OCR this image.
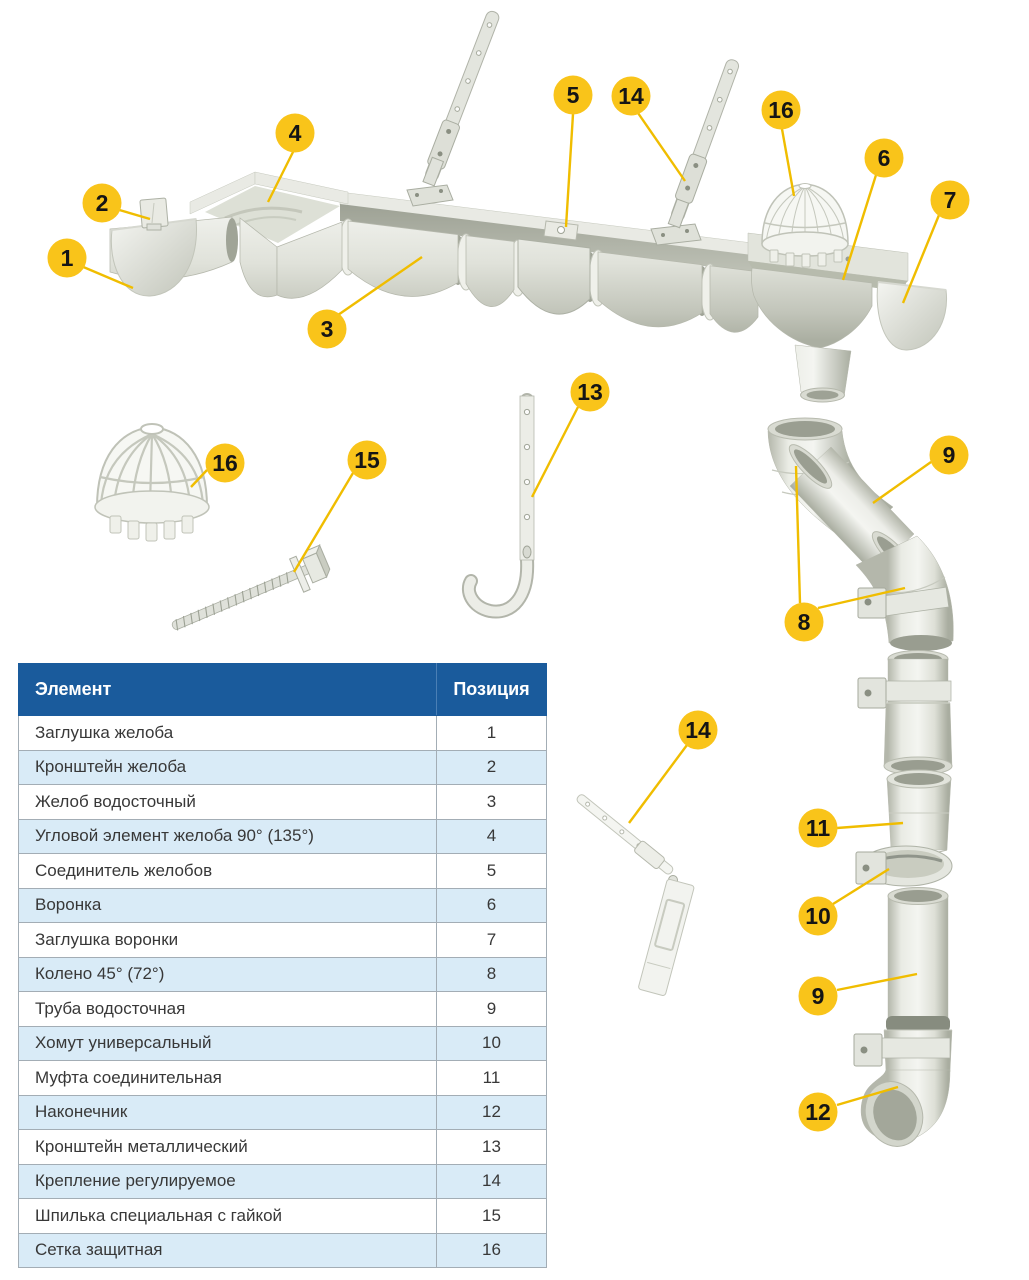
4
2
1
3
5 14
16
6
7
13
16	15	9
8
14
11
10
9
12
Элемент	Позиция
Заглушка желоба	1
Кронштейн желоба	2
Желоб водосточный	3
Угловой элемент желоба 90° (135°)	4
Соединитель желобов	5
Воронка	6
Заглушка воронки	7
Колено 45° (72°)	8
Труба водосточная	9
Хомут универсальный	10
Муфта соединительная	11
Наконечник	12
Кронштейн металлический	13
Крепление регулируемое	14
Шпилька специальная с гайкой	15
Сетка защитная	16
